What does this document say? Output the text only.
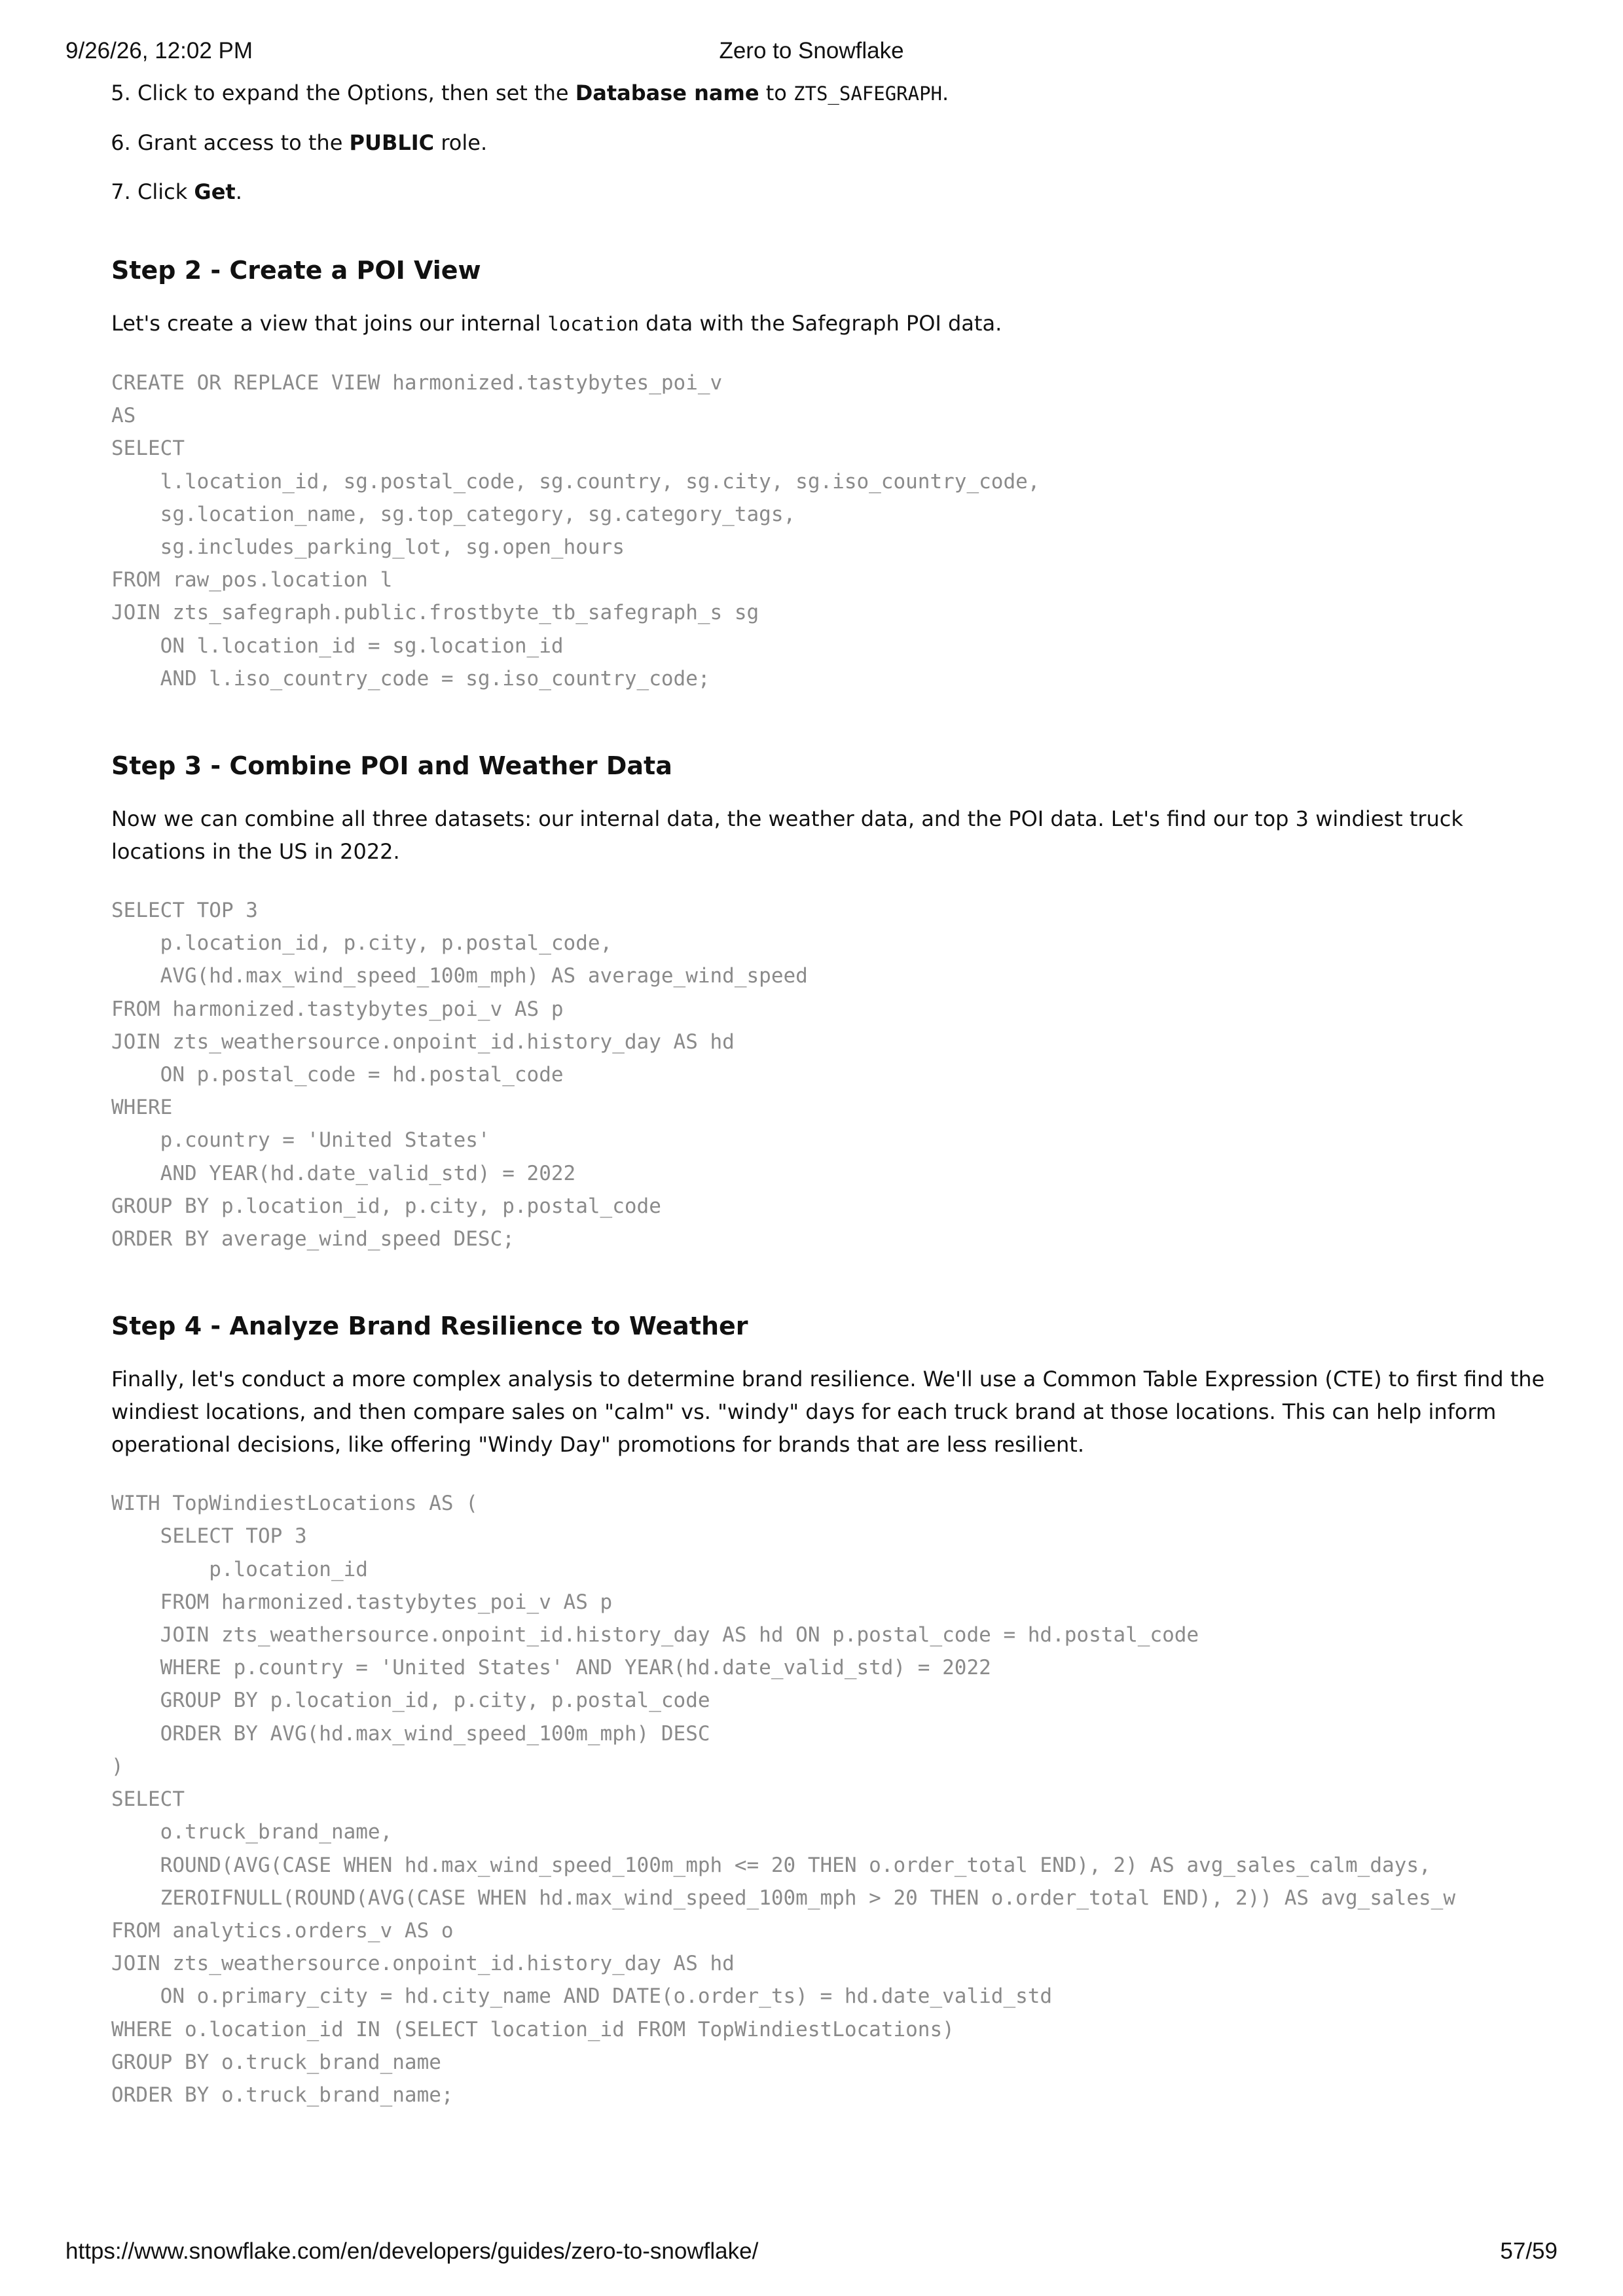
9/26/26, 12:02 PM	Zero to Snowflake
5. Click to expand the Options, then set the Database name to ZTS_SAFEGRAPH.
6. Grant access to the PUBLIC role.
7. Click Get.
Step 2 - Create a POI View

Let's create a view that joins our internal location data with the Safegraph POI data.

CREATE OR REPLACE VIEW harmonized.tastybytes_poi_v
AS
SELECT
l.location_id, sg.postal_code, sg.country, sg.city, sg.iso_country_code,
sg.location_name, sg.top_category, sg.category_tags,
sg.includes_parking_lot, sg.open_hours
FROM raw_pos.location l
JOIN zts_safegraph.public.frostbyte_tb_safegraph_s sg
ON l.location_id = sg.location_id
AND l.iso_country_code = sg.iso_country_code;
Step 3 - Combine POI and Weather Data

Now we can combine all three datasets: our internal data, the weather data, and the POI data. Let's find our top 3 windiest truck locations in the US in 2022.

SELECT TOP 3
p.location_id, p.city, p.postal_code,
AVG(hd.max_wind_speed_100m_mph) AS average_wind_speed
FROM harmonized.tastybytes_poi_v AS p
JOIN zts_weathersource.onpoint_id.history_day AS hd
ON p.postal_code = hd.postal_code
WHERE
p.country = 'United States'
AND YEAR(hd.date_valid_std) = 2022
GROUP BY p.location_id, p.city, p.postal_code
ORDER BY average_wind_speed DESC;
Step 4 - Analyze Brand Resilience to Weather

Finally, let's conduct a more complex analysis to determine brand resilience. We'll use a Common Table Expression (CTE) to first find the windiest locations, and then compare sales on "calm" vs. "windy" days for each truck brand at those locations. This can help inform operational decisions, like offering "Windy Day" promotions for brands that are less resilient.

WITH TopWindiestLocations AS (
SELECT TOP 3
p.location_id
FROM harmonized.tastybytes_poi_v AS p
JOIN zts_weathersource.onpoint_id.history_day AS hd ON p.postal_code = hd.postal_code
WHERE p.country = 'United States' AND YEAR(hd.date_valid_std) = 2022
GROUP BY p.location_id, p.city, p.postal_code
ORDER BY AVG(hd.max_wind_speed_100m_mph) DESC
)
SELECT
o.truck_brand_name,
ROUND(AVG(CASE WHEN hd.max_wind_speed_100m_mph <= 20 THEN o.order_total END), 2) AS avg_sales_calm_days,
ZEROIFNULL(ROUND(AVG(CASE WHEN hd.max_wind_speed_100m_mph > 20 THEN o.order_total END), 2)) AS avg_sales_w
FROM analytics.orders_v AS o
JOIN zts_weathersource.onpoint_id.history_day AS hd
ON o.primary_city = hd.city_name AND DATE(o.order_ts) = hd.date_valid_std
WHERE o.location_id IN (SELECT location_id FROM TopWindiestLocations)
GROUP BY o.truck_brand_name
ORDER BY o.truck_brand_name;
https://www.snowflake.com/en/developers/guides/zero-to-snowflake/	57/59
